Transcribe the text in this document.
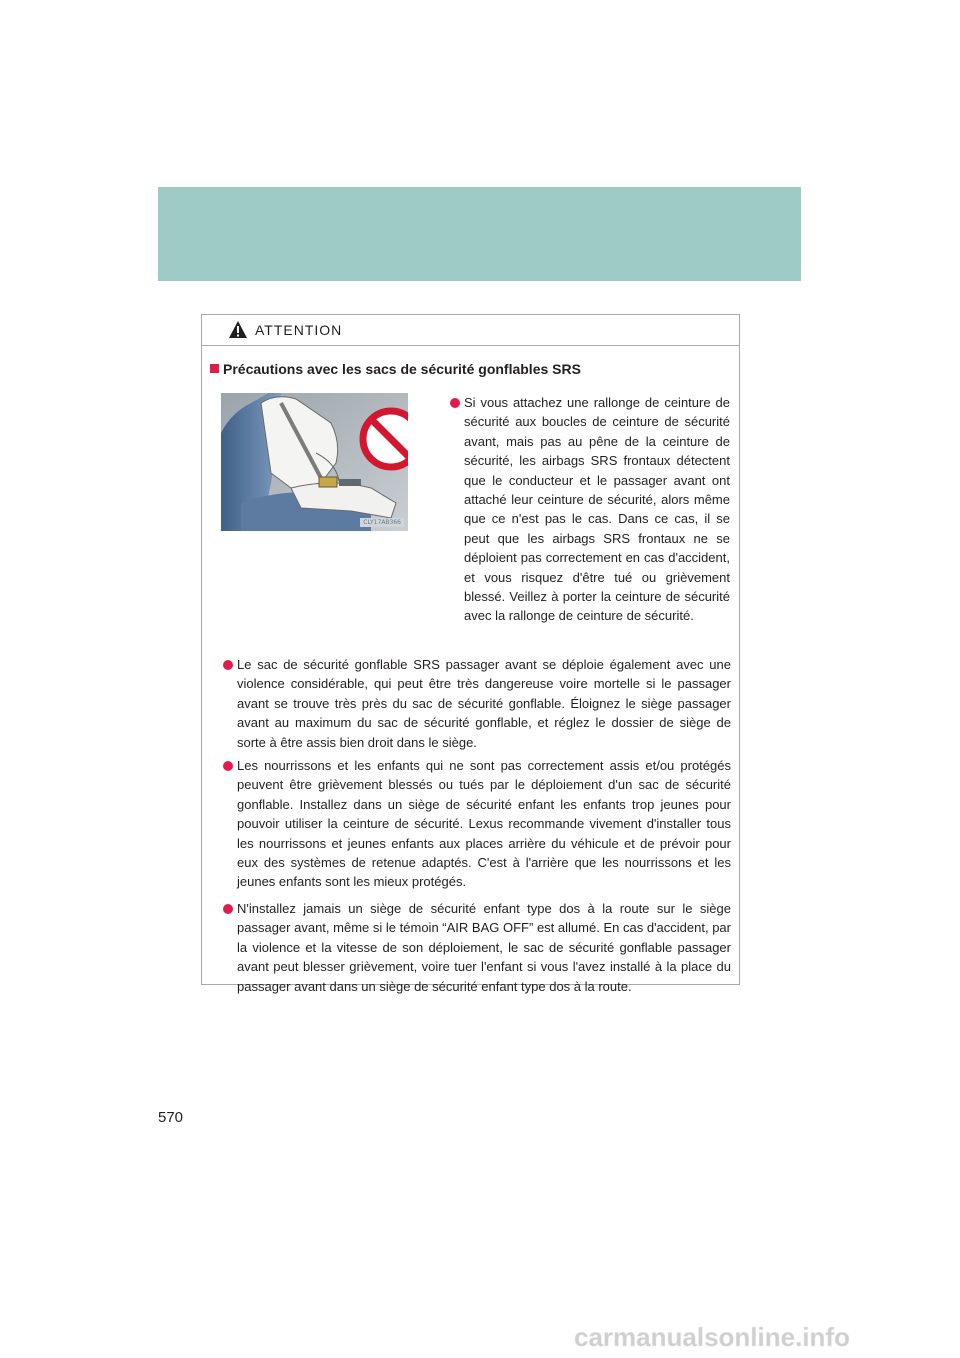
ATTENTION
Précautions avec les sacs de sécurité gonflables SRS
CLY17AB366
Si vous attachez une rallonge de ceinture de sécurité aux boucles de ceinture de sécurité avant, mais pas au pêne de la ceinture de sécurité, les airbags SRS frontaux détectent que le conducteur et le passager avant ont attaché leur ceinture de sécurité, alors même que ce n'est pas le cas. Dans ce cas, il se peut que les airbags SRS frontaux ne se déploient pas correctement en cas d'accident, et vous risquez d'être tué ou grièvement blessé. Veillez à porter la ceinture de sécurité avec la rallonge de ceinture de sécurité.
Le sac de sécurité gonflable SRS passager avant se déploie également avec une violence considérable, qui peut être très dangereuse voire mortelle si le passager avant se trouve très près du sac de sécurité gonflable. Éloignez le siège passager avant au maximum du sac de sécurité gonflable, et réglez le dossier de siège de sorte à être assis bien droit dans le siège.
Les nourrissons et les enfants qui ne sont pas correctement assis et/ou protégés peuvent être grièvement blessés ou tués par le déploiement d'un sac de sécurité gonflable. Installez dans un siège de sécurité enfant les enfants trop jeunes pour pouvoir utiliser la ceinture de sécurité. Lexus recommande vivement d'installer tous les nourrissons et jeunes enfants aux places arrière du véhicule et de prévoir pour eux des systèmes de retenue adaptés. C'est à l'arrière que les nourrissons et les jeunes enfants sont les mieux protégés.
N'installez jamais un siège de sécurité enfant type dos à la route sur le siège passager avant, même si le témoin “AIR BAG OFF” est allumé. En cas d'accident, par la violence et la vitesse de son déploiement, le sac de sécurité gonflable passager avant peut blesser grièvement, voire tuer l'enfant si vous l'avez installé à la place du passager avant dans un siège de sécurité enfant type dos à la route.
570
carmanualsonline.info
